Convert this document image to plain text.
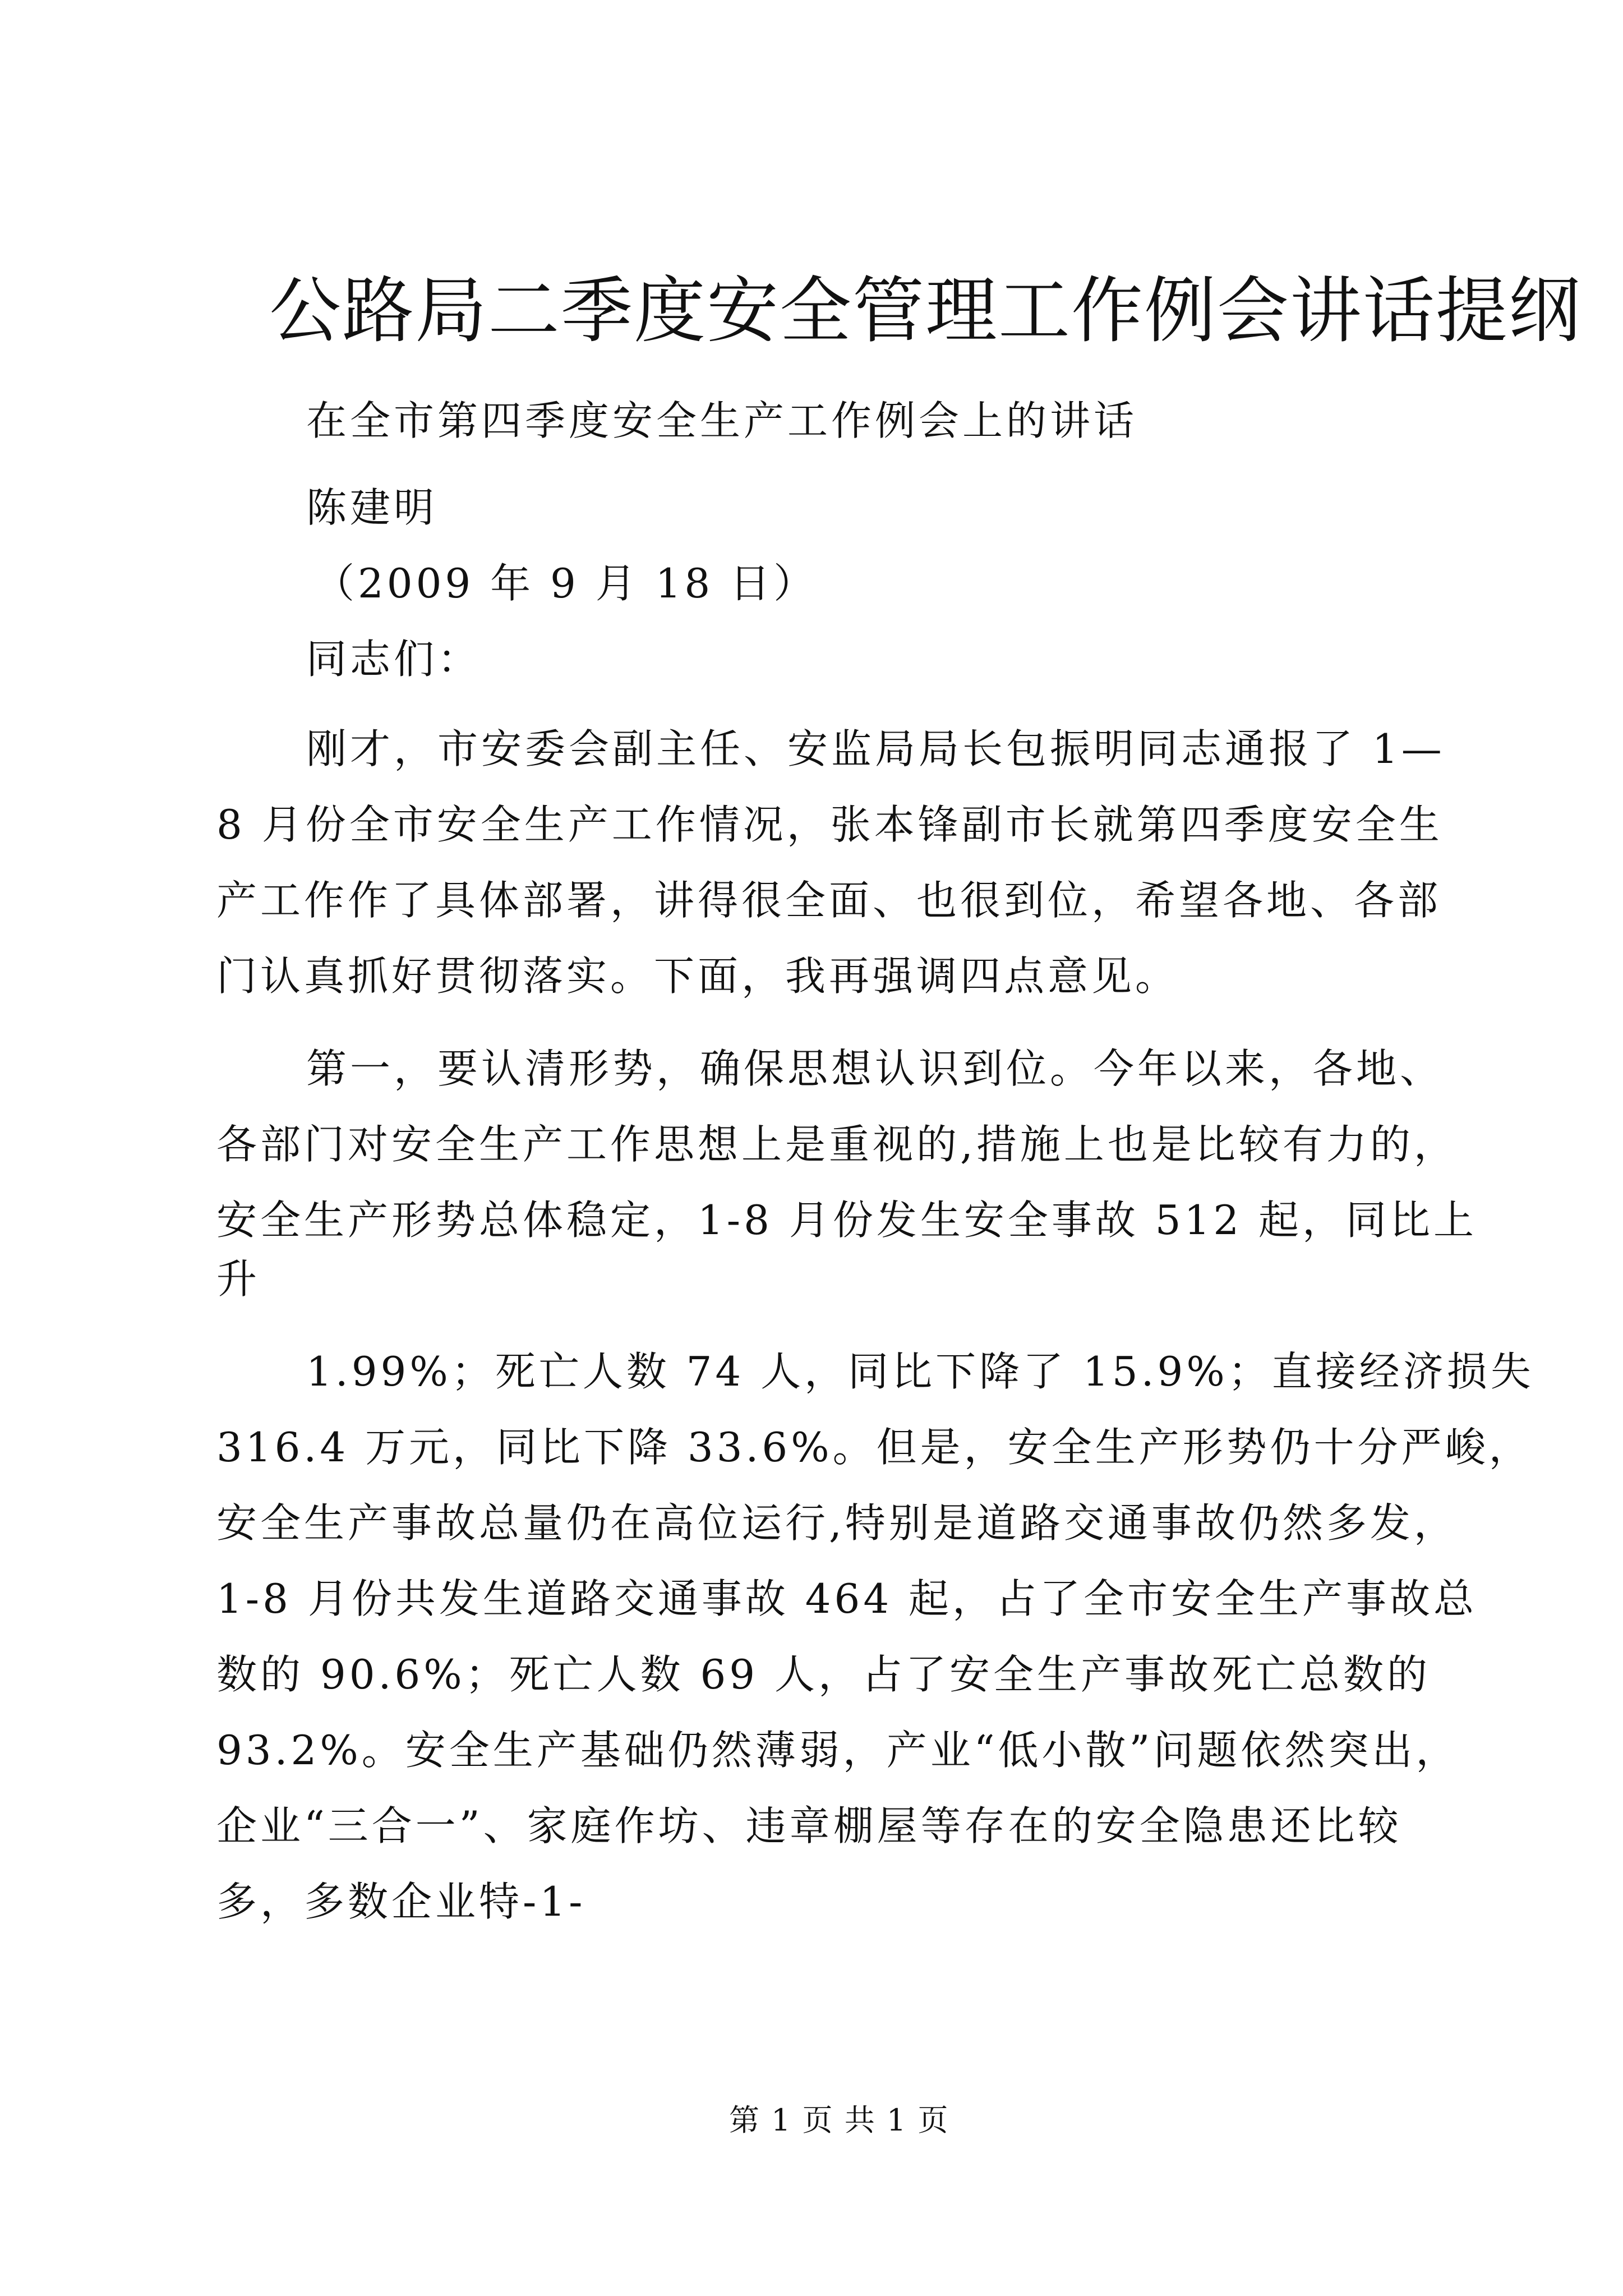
公路局二季度安全管理工作例会讲话提纲
在全市第四季度安全生产工作例会上的讲话
陈建明
（2009 年 9 月 18 日）
同志们：
刚才，市安委会副主任、安监局局长包振明同志通报了 1—
8 月份全市安全生产工作情况，张本锋副市长就第四季度安全生
产工作作了具体部署，讲得很全面、也很到位，希望各地、各部
门认真抓好贯彻落实。下面，我再强调四点意见。
第一，要认清形势，确保思想认识到位。今年以来，各地、
各部门对安全生产工作思想上是重视的,措施上也是比较有力的，
安全生产形势总体稳定，1-8 月份发生安全事故 512 起，同比上
升
1.99%；死亡人数 74 人，同比下降了 15.9%；直接经济损失
316.4 万元，同比下降 33.6%。但是，安全生产形势仍十分严峻，
安全生产事故总量仍在高位运行,特别是道路交通事故仍然多发，
1-8 月份共发生道路交通事故 464 起，占了全市安全生产事故总
数的 90.6%；死亡人数 69 人，占了安全生产事故死亡总数的
93.2%。安全生产基础仍然薄弱，产业“低小散”问题依然突出，
企业“三合一”、家庭作坊、违章棚屋等存在的安全隐患还比较
多，多数企业特-1-
第 1 页 共 1 页
